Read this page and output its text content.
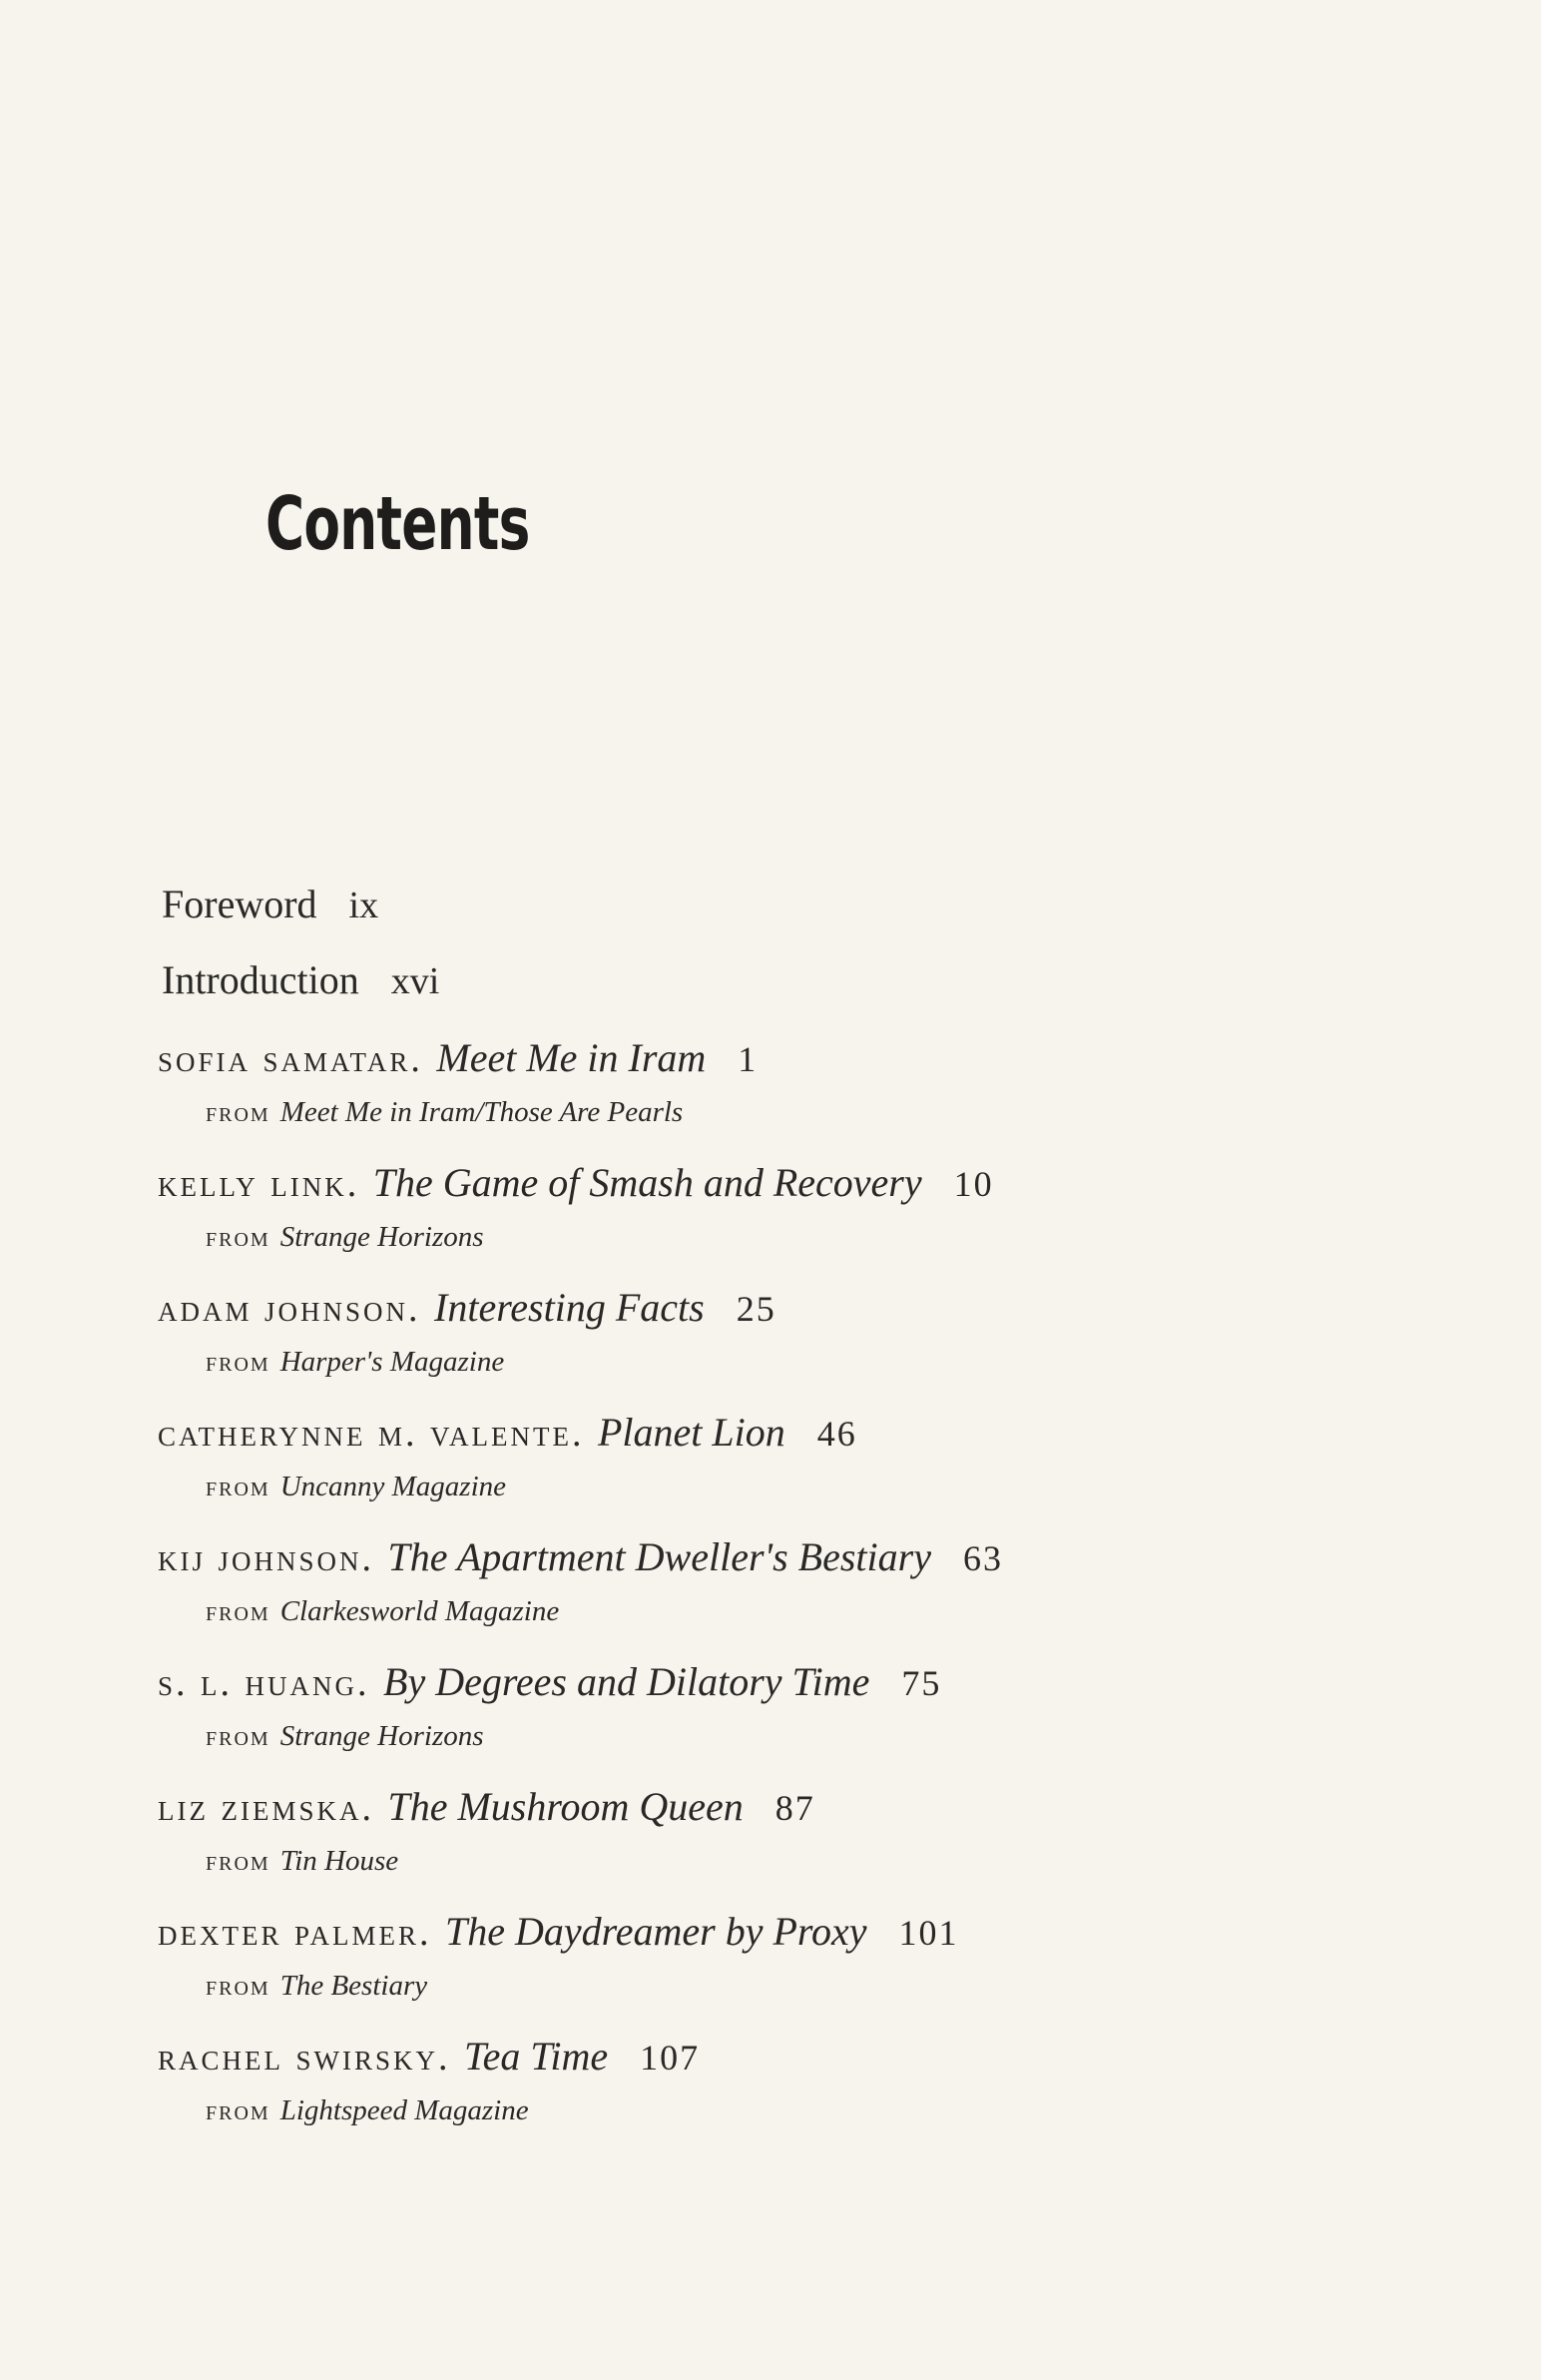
Contents
Foreword ix
Introduction xvi
sofia samatar. Meet Me in Iram 1
from Meet Me in Iram/Those Are Pearls
kelly link. The Game of Smash and Recovery 10
from Strange Horizons
adam johnson. Interesting Facts 25
from Harper's Magazine
catherynne m. valente. Planet Lion 46
from Uncanny Magazine
kij johnson. The Apartment Dweller's Bestiary 63
from Clarkesworld Magazine
s. l. huang. By Degrees and Dilatory Time 75
from Strange Horizons
liz ziemska. The Mushroom Queen 87
from Tin House
dexter palmer. The Daydreamer by Proxy 101
from The Bestiary
rachel swirsky. Tea Time 107
from Lightspeed Magazine
